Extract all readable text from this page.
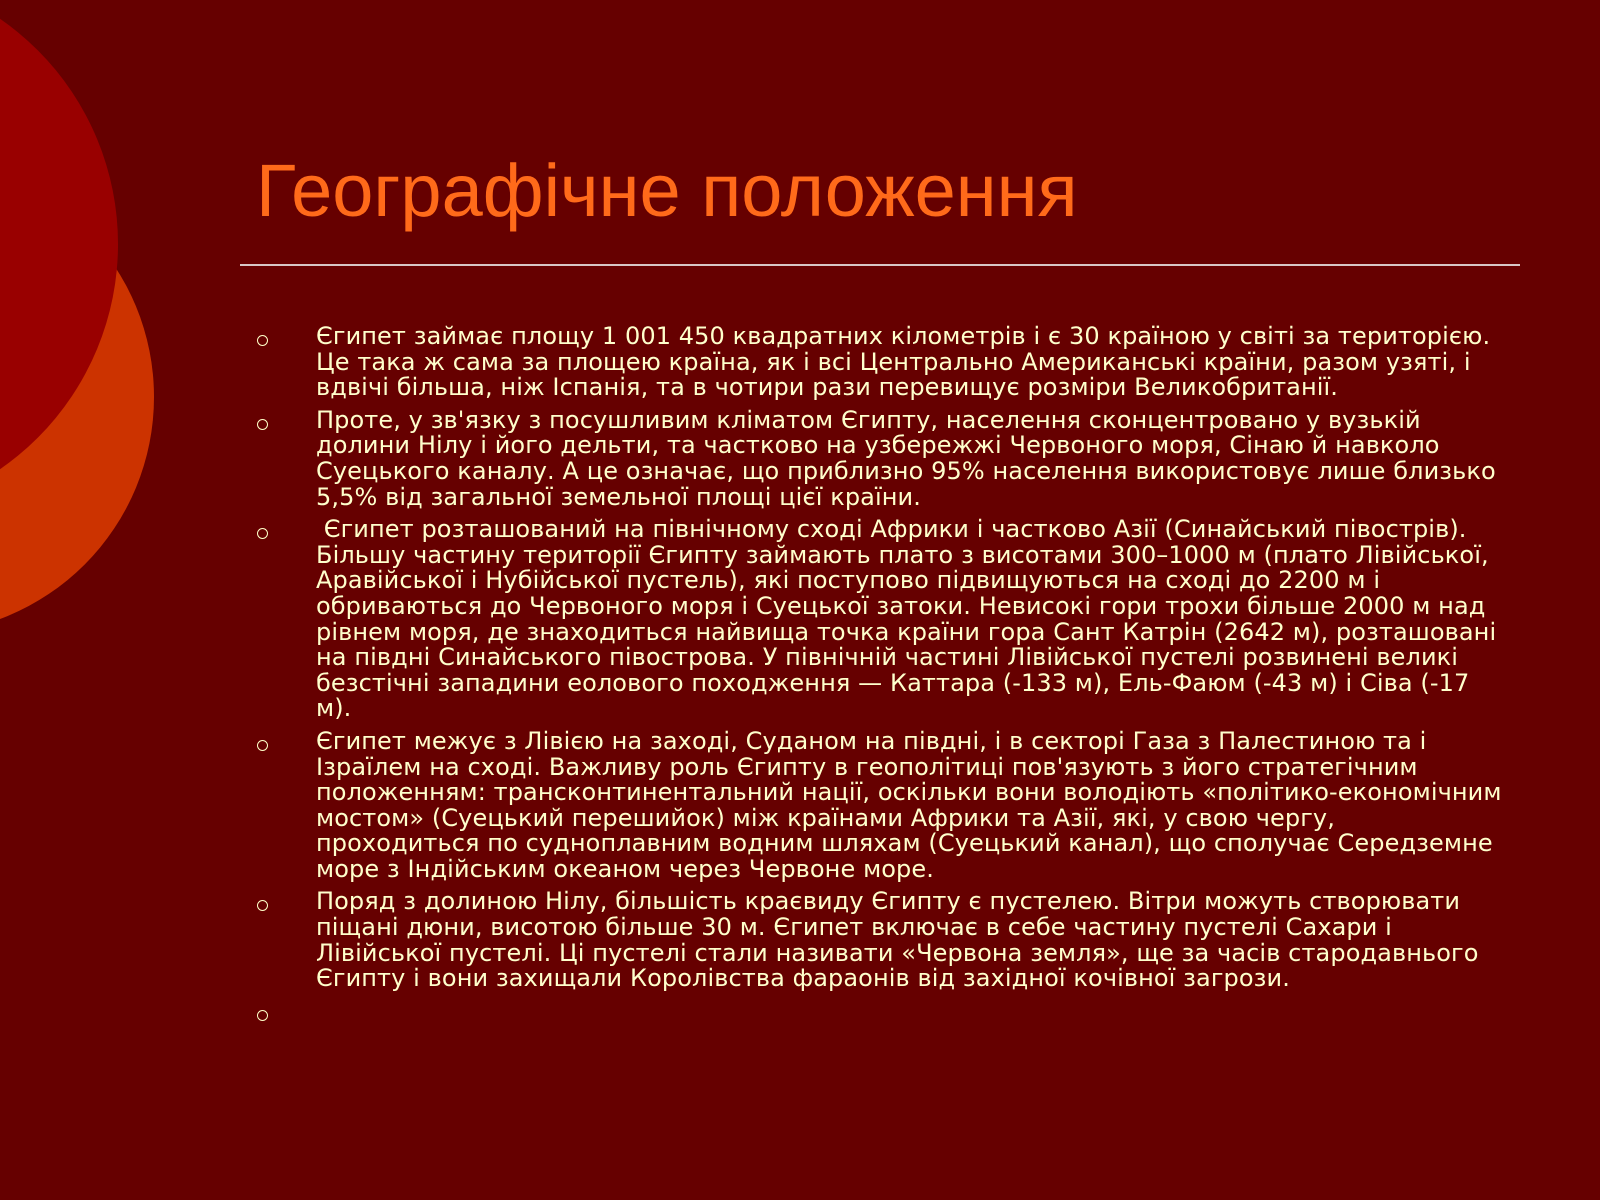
Географічне положення
Єгипет займає площу 1 001 450 квадратних кілометрів і є 30 країною у світі за територією. Це така ж сама за площею країна, як і всі Центрально Американські країни, разом узяті, і вдвічі більша, ніж Іспанія, та в чотири рази перевищує розміри Великобританії.
Проте, у зв'язку з посушливим кліматом Єгипту, населення сконцентровано у вузькій долини Нілу і його дельти, та частково на узбережжі Червоного моря, Сінаю й навколо Суецького каналу. А це означає, що приблизно 95% населення використовує лише близько 5,5% від загальної земельної площі цієї країни.
Єгипет розташований на північному сході Африки і частково Азії (Синайський півострів). Більшу частину території Єгипту займають плато з висотами 300–1000 м (плато Лівійської, Аравійської і Нубійської пустель), які поступово підвищуються на сході до 2200 м і обриваються до Червоного моря і Суецької затоки. Невисокі гори трохи більше 2000 м над рівнем моря, де знаходиться найвища точка країни гора Сант Катрін (2642 м), розташовані на півдні Синайського півострова. У північній частині Лівійської пустелі розвинені великі безстічні западини еолового походження — Каттара (-133 м), Ель-Фаюм (-43 м) і Сіва (-17 м).
Єгипет межує з Лівією на заході, Суданом на півдні, і в секторі Газа з Палестиною та і Ізраїлем на сході. Важливу роль Єгипту в геополітиці пов'язують з його стратегічним положенням: трансконтинентальний нації, оскільки вони володіють «політико-економічним мостом» (Суецький перешийок) між країнами Африки та Азії, які, у свою чергу, проходиться по судноплавним водним шляхам (Суецький канал), що сполучає Середземне море з Індійським океаном через Червоне море.
Поряд з долиною Нілу, більшість краєвиду Єгипту є пустелею. Вітри можуть створювати піщані дюни, висотою більше 30 м. Єгипет включає в себе частину пустелі Сахари і Лівійської пустелі. Ці пустелі стали називати «Червона земля», ще за часів стародавнього Єгипту і вони захищали Королівства фараонів від західної кочівної загрози.
